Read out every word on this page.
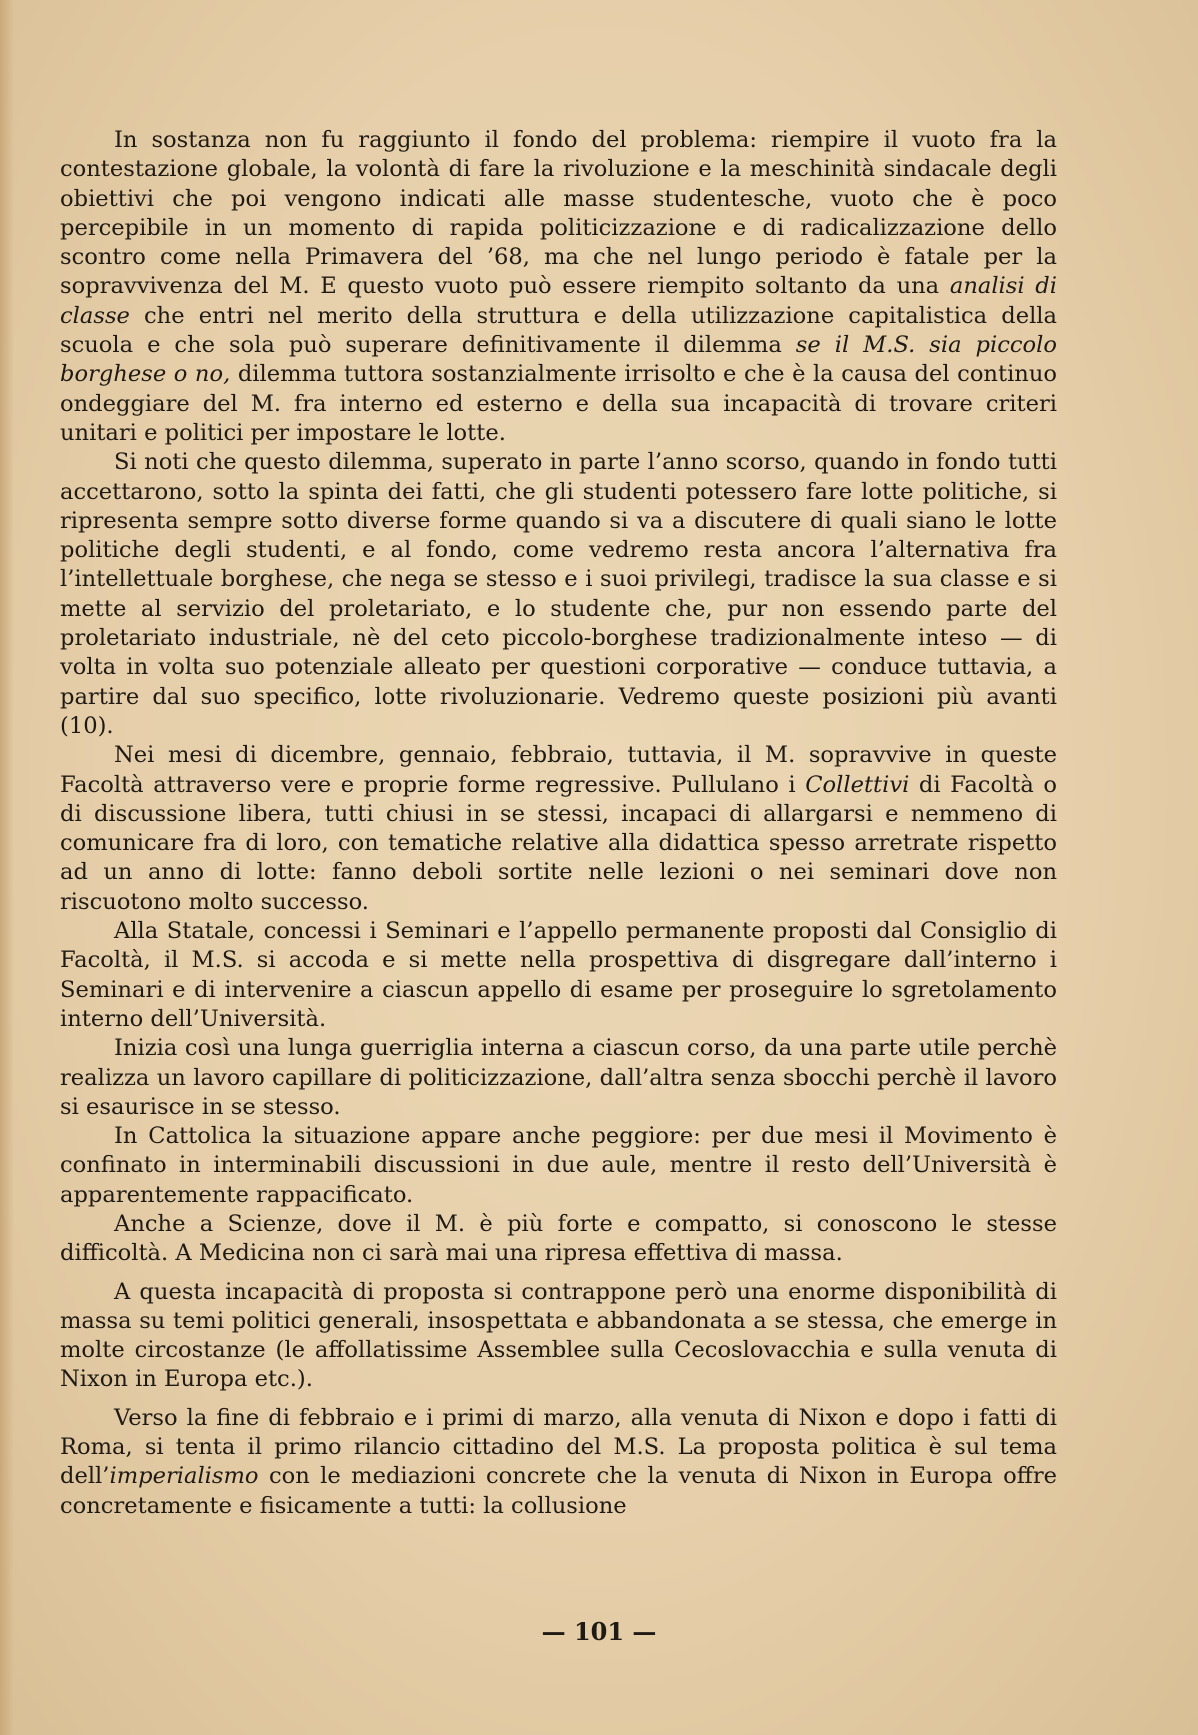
In sostanza non fu raggiunto il fondo del problema: riempire il vuoto fra la contestazione globale, la volontà di fare la rivoluzione e la meschinità sindacale degli obiettivi che poi vengono indicati alle masse studentesche, vuoto che è poco percepibile in un momento di rapida politicizzazione e di radicalizzazione dello scontro come nella Primavera del ’68, ma che nel lungo periodo è fatale per la sopravvivenza del M. E questo vuoto può essere riempito soltanto da una analisi di classe che entri nel merito della struttura e della utilizzazione capitalistica della scuola e che sola può superare definitivamente il dilemma se il M.S. sia piccolo borghese o no, dilemma tuttora sostanzialmente irrisolto e che è la causa del continuo ondeggiare del M. fra interno ed esterno e della sua incapacità di trovare criteri unitari e politici per impostare le lotte.

Si noti che questo dilemma, superato in parte l’anno scorso, quando in fondo tutti accettarono, sotto la spinta dei fatti, che gli studenti potessero fare lotte politiche, si ripresenta sempre sotto diverse forme quando si va a discutere di quali siano le lotte politiche degli studenti, e al fondo, come vedremo resta ancora l’alternativa fra l’intellettuale borghese, che nega se stesso e i suoi privilegi, tradisce la sua classe e si mette al servizio del proletariato, e lo studente che, pur non essendo parte del proletariato industriale, nè del ceto piccolo-borghese tradizionalmente inteso — di volta in volta suo potenziale alleato per questioni corporative — conduce tuttavia, a partire dal suo specifico, lotte rivoluzionarie. Vedremo queste posizioni più avanti (10).

Nei mesi di dicembre, gennaio, febbraio, tuttavia, il M. sopravvive in queste Facoltà attraverso vere e proprie forme regressive. Pullulano i Collettivi di Facoltà o di discussione libera, tutti chiusi in se stessi, incapaci di allargarsi e nemmeno di comunicare fra di loro, con tematiche relative alla didattica spesso arretrate rispetto ad un anno di lotte: fanno deboli sortite nelle lezioni o nei seminari dove non riscuotono molto successo.

Alla Statale, concessi i Seminari e l’appello permanente proposti dal Consiglio di Facoltà, il M.S. si accoda e si mette nella prospettiva di disgregare dall’interno i Seminari e di intervenire a ciascun appello di esame per proseguire lo sgretolamento interno dell’Università.

Inizia così una lunga guerriglia interna a ciascun corso, da una parte utile perchè realizza un lavoro capillare di politicizzazione, dall’altra senza sbocchi perchè il lavoro si esaurisce in se stesso.

In Cattolica la situazione appare anche peggiore: per due mesi il Movimento è confinato in interminabili discussioni in due aule, mentre il resto dell’Università è apparentemente rappacificato.

Anche a Scienze, dove il M. è più forte e compatto, si conoscono le stesse difficoltà. A Medicina non ci sarà mai una ripresa effettiva di massa.

A questa incapacità di proposta si contrappone però una enorme disponibilità di massa su temi politici generali, insospettata e abbandonata a se stessa, che emerge in molte circostanze (le affollatissime Assemblee sulla Cecoslovacchia e sulla venuta di Nixon in Europa etc.).

Verso la fine di febbraio e i primi di marzo, alla venuta di Nixon e dopo i fatti di Roma, si tenta il primo rilancio cittadino del M.S. La proposta politica è sul tema dell’imperialismo con le mediazioni concrete che la venuta di Nixon in Europa offre concretamente e fisicamente a tutti: la collusione

— 101 —
